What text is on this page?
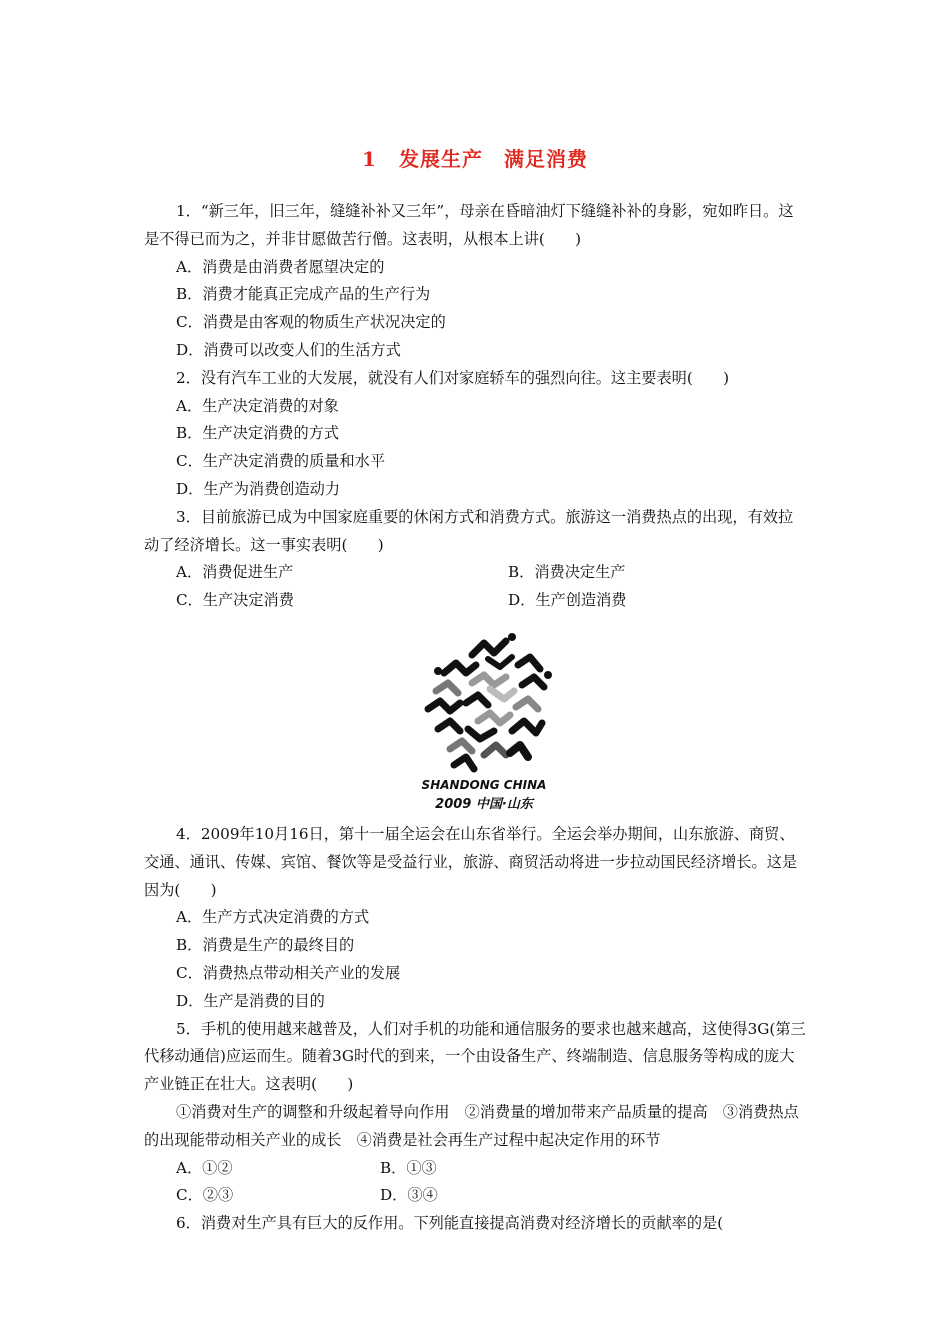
1 发展生产　满足消费

1．“新三年，旧三年，缝缝补补又三年”，母亲在昏暗油灯下缝缝补补的身影，宛如昨日。这是不得已而为之，并非甘愿做苦行僧。这表明，从根本上讲(　　)

A．消费是由消费者愿望决定的

B．消费才能真正完成产品的生产行为

C．消费是由客观的物质生产状况决定的

D．消费可以改变人们的生活方式

2．没有汽车工业的大发展，就没有人们对家庭轿车的强烈向往。这主要表明(　　)

A．生产决定消费的对象

B．生产决定消费的方式

C．生产决定消费的质量和水平

D．生产为消费创造动力

3．目前旅游已成为中国家庭重要的休闲方式和消费方式。旅游这一消费热点的出现，有效拉动了经济增长。这一事实表明(　　)

A．消费促进生产	B．消费决定生产
C．生产决定消费	D．生产创造消费
SHANDONG CHINA
2009 中国·山东

4．2009年10月16日，第十一届全运会在山东省举行。全运会举办期间，山东旅游、商贸、交通、通讯、传媒、宾馆、餐饮等是受益行业，旅游、商贸活动将进一步拉动国民经济增长。这是因为(　　)

A．生产方式决定消费的方式

B．消费是生产的最终目的

C．消费热点带动相关产业的发展

D．生产是消费的目的

5．手机的使用越来越普及，人们对手机的功能和通信服务的要求也越来越高，这使得3G(第三代移动通信)应运而生。随着3G时代的到来，一个由设备生产、终端制造、信息服务等构成的庞大产业链正在壮大。这表明(　　)

①消费对生产的调整和升级起着导向作用　②消费量的增加带来产品质量的提高　③消费热点的出现能带动相关产业的成长　④消费是社会再生产过程中起决定作用的环节

A．①②	B．①③
C．②③	D．③④

6．消费对生产具有巨大的反作用。下列能直接提高消费对经济增长的贡献率的是(
